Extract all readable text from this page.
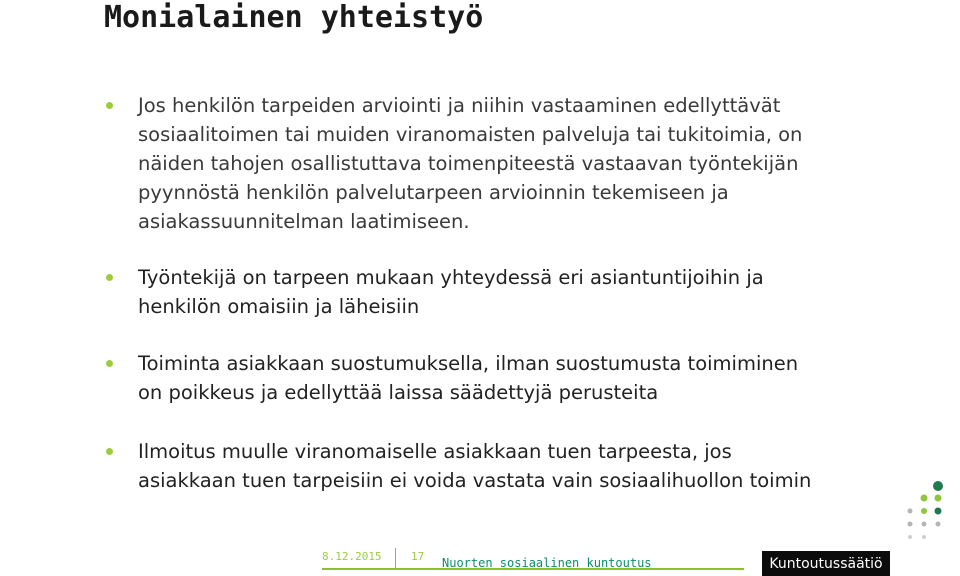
Monialainen yhteistyö
Jos henkilön tarpeiden arviointi ja niihin vastaaminen edellyttävät
sosiaalitoimen tai muiden viranomaisten palveluja tai tukitoimia, on
näiden tahojen osallistuttava toimenpiteestä vastaavan työntekijän
pyynnöstä henkilön palvelutarpeen arvioinnin tekemiseen ja
asiakassuunnitelman laatimiseen.
Työntekijä on tarpeen mukaan yhteydessä eri asiantuntijoihin ja
henkilön omaisiin ja läheisiin
Toiminta asiakkaan suostumuksella, ilman suostumusta toimiminen
on poikkeus ja edellyttää laissa säädettyjä perusteita
Ilmoitus muulle viranomaiselle asiakkaan tuen tarpeesta, jos
asiakkaan tuen tarpeisiin ei voida vastata vain sosiaalihuollon toimin
8.12.2015	17 Nuorten sosiaalinen kuntoutus	Kuntoutussäätiö
